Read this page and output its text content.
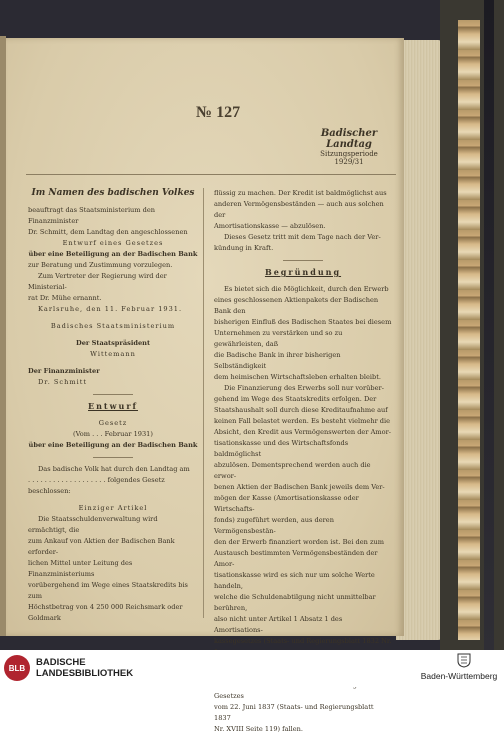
№ 127
Badischer Landtag
Sitzungsperiode
1929/31

Im Namen des badischen Volkes

beauftragt das Staatsministerium den Finanzminister

Dr. Schmitt, dem Landtag den angeschlossenen

Entwurf eines Gesetzes

über eine Beteiligung an der Badischen Bank

zur Beratung und Zustimmung vorzulegen.

Zum Vertreter der Regierung wird der Ministerial-

rat Dr. Mühe ernannt.

Karlsruhe, den 11. Februar 1931.

Badisches Staatsministerium

Der Staatspräsident

Wittemann

Der Finanzminister

Dr. Schmitt

Entwurf

Gesetz

(Vom . . . Februar 1931)

über eine Beteiligung an der Badischen Bank

Das badische Volk hat durch den Landtag am

. . . . . . . . . . . . . . . . . . . folgendes Gesetz beschlossen:

Einziger Artikel

Die Staatsschuldenverwaltung wird ermächtigt, die

zum Ankauf von Aktien der Badischen Bank erforder-

lichen Mittel unter Leitung des Finanzministeriums

vorübergehend im Wege eines Staatskredits bis zum

Höchstbetrag von 4 250 000 Reichsmark oder Goldmark

flüssig zu machen. Der Kredit ist baldmöglichst aus

anderen Vermögensbeständen — auch aus solchen der

Amortisationskasse — abzulösen.

Dieses Gesetz tritt mit dem Tage nach der Ver-

kündung in Kraft.

Begründung

Es bietet sich die Möglichkeit, durch den Erwerb

eines geschlossenen Aktienpakets der Badischen Bank den

bisherigen Einfluß des Badischen Staates bei diesem

Unternehmen zu verstärken und so zu gewährleisten, daß

die Badische Bank in ihrer bisherigen Selbständigkeit

dem heimischen Wirtschaftsleben erhalten bleibt.

Die Finanzierung des Erwerbs soll nur vorüber-

gehend im Wege des Staatskredits erfolgen. Der

Staatshaushalt soll durch diese Kreditaufnahme auf

keinen Fall belastet werden. Es besteht vielmehr die

Absicht, den Kredit aus Vermögenswerten der Amor-

tisationskasse und des Wirtschaftsfonds baldmöglichst

abzulösen. Dementsprechend werden auch die erwor-

benen Aktien der Badischen Bank jeweils dem Ver-

mögen der Kasse (Amortisationskasse oder Wirtschafts-

fonds) zugeführt werden, aus deren Vermögensbestän-

den der Erwerb finanziert worden ist. Bei den zum

Austausch bestimmten Vermögensbeständen der Amor-

tisationskasse wird es sich nur um solche Werte handeln,

welche die Schuldenabtilgung nicht unmittelbar berühren,

also nicht unter Artikel 1 Absatz 1 des Amortisations-

kassegesetzes (Staats- und Regierungsblatt 1832 Nr.

Gesetzes

vom 22. Juni 1837 (Staats- und Regierungsblatt 1837

Nr. XVIII Seite 119) fallen.

BLB	BADISCHE
LANDESBIBLIOTHEK	Baden-Württemberg
